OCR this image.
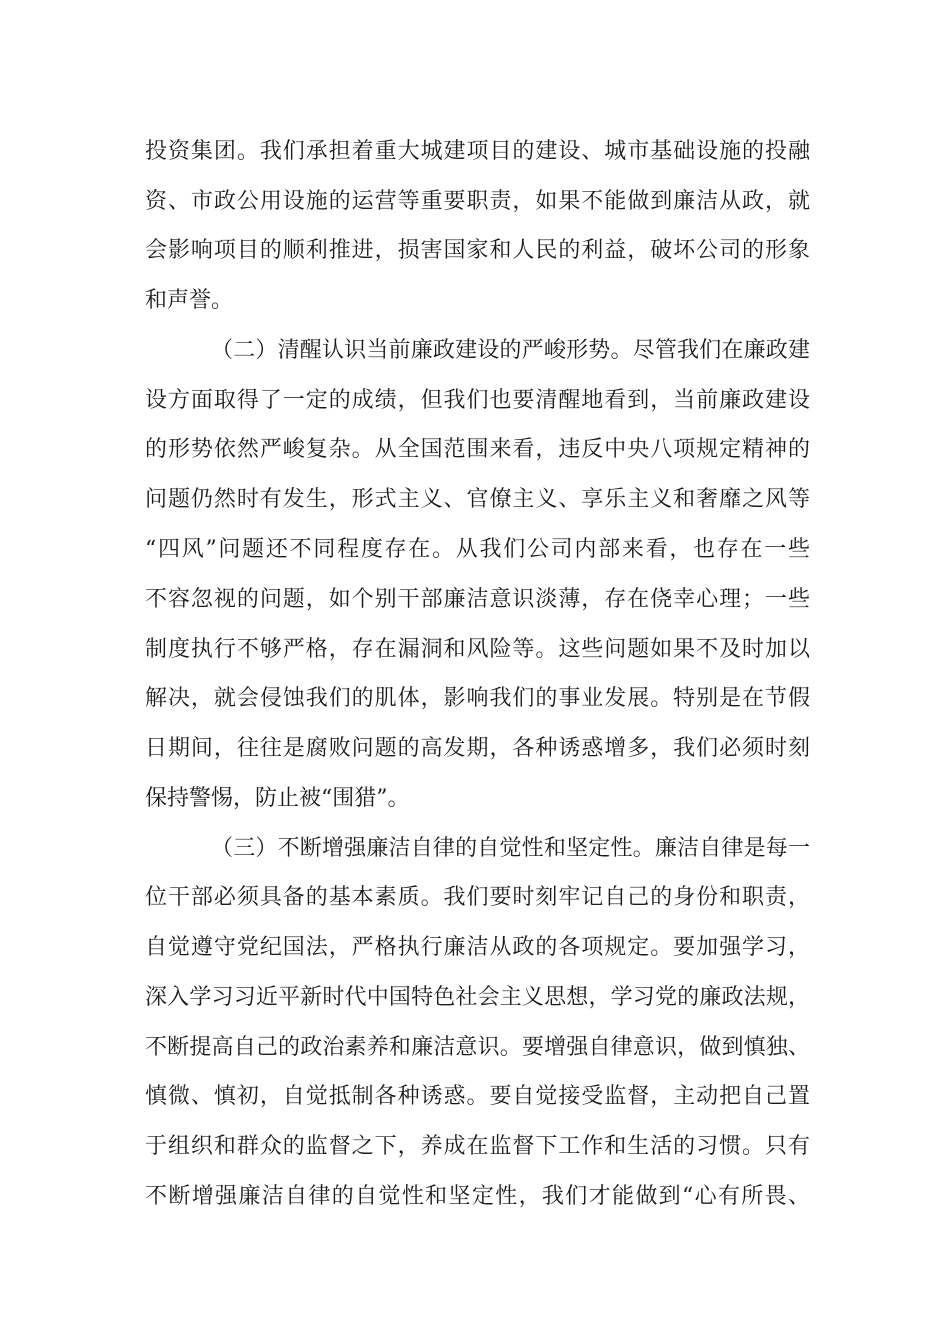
投资集团。我们承担着重大城建项目的建设、城市基础设施的投融
资、市政公用设施的运营等重要职责，如果不能做到廉洁从政，就
会影响项目的顺利推进，损害国家和人民的利益，破坏公司的形象
和声誉。
（二）清醒认识当前廉政建设的严峻形势。尽管我们在廉政建
设方面取得了一定的成绩，但我们也要清醒地看到，当前廉政建设
的形势依然严峻复杂。从全国范围来看，违反中央八项规定精神的
问题仍然时有发生，形式主义、官僚主义、享乐主义和奢靡之风等
“四风”问题还不同程度存在。从我们公司内部来看，也存在一些
不容忽视的问题，如个别干部廉洁意识淡薄，存在侥幸心理；一些
制度执行不够严格，存在漏洞和风险等。这些问题如果不及时加以
解决，就会侵蚀我们的肌体，影响我们的事业发展。特别是在节假
日期间，往往是腐败问题的高发期，各种诱惑增多，我们必须时刻
保持警惕，防止被“围猎”。
（三）不断增强廉洁自律的自觉性和坚定性。廉洁自律是每一
位干部必须具备的基本素质。我们要时刻牢记自己的身份和职责，
自觉遵守党纪国法，严格执行廉洁从政的各项规定。要加强学习，
深入学习习近平新时代中国特色社会主义思想，学习党的廉政法规，
不断提高自己的政治素养和廉洁意识。要增强自律意识，做到慎独、
慎微、慎初，自觉抵制各种诱惑。要自觉接受监督，主动把自己置
于组织和群众的监督之下，养成在监督下工作和生活的习惯。只有
不断增强廉洁自律的自觉性和坚定性，我们才能做到“心有所畏、
